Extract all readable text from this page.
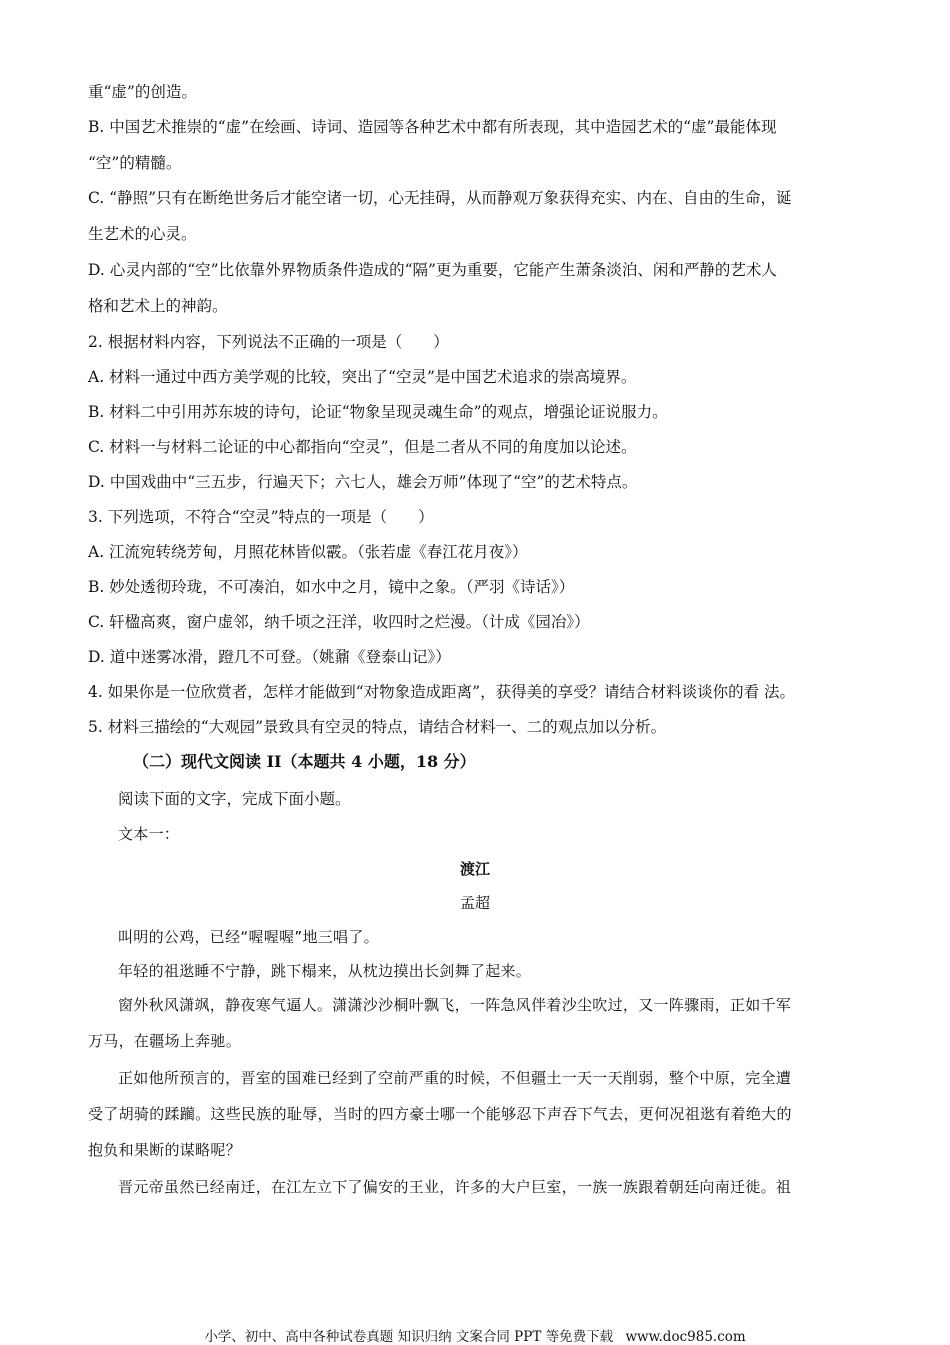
重“虚”的创造。
B. 中国艺术推崇的“虚”在绘画、诗词、造园等各种艺术中都有所表现，其中造园艺术的“虚”最能体现
“空”的精髓。
C. “静照”只有在断绝世务后才能空诸一切，心无挂碍，从而静观万象获得充实、内在、自由的生命，诞
生艺术的心灵。
D. 心灵内部的“空”比依靠外界物质条件造成的“隔”更为重要，它能产生萧条淡泊、闲和严静的艺术人
格和艺术上的神韵。
2. 根据材料内容，下列说法不正确的一项是（　　）
A. 材料一通过中西方美学观的比较，突出了“空灵”是中国艺术追求的崇高境界。
B. 材料二中引用苏东坡的诗句，论证“物象呈现灵魂生命”的观点，增强论证说服力。
C. 材料一与材料二论证的中心都指向“空灵”，但是二者从不同的角度加以论述。
D. 中国戏曲中“三五步，行遍天下；六七人，雄会万师”体现了“空”的艺术特点。
3. 下列选项，不符合“空灵”特点的一项是（　　）
A. 江流宛转绕芳甸，月照花林皆似霰。（张若虚《春江花月夜》）
B. 妙处透彻玲珑，不可凑泊，如水中之月，镜中之象。（严羽《诗话》）
C. 轩楹高爽，窗户虚邻，纳千顷之汪洋，收四时之烂漫。（计成《园冶》）
D. 道中迷雾冰滑，蹬几不可登。（姚鼐《登泰山记》）
4. 如果你是一位欣赏者，怎样才能做到“对物象造成距离”，获得美的享受？请结合材料谈谈你的看 法。
5. 材料三描绘的“大观园”景致具有空灵的特点，请结合材料一、二的观点加以分析。
（二）现代文阅读 II（本题共 4 小题，18 分）
阅读下面的文字，完成下面小题。
文本一：
渡江
孟超
叫明的公鸡，已经“喔喔喔”地三唱了。
年轻的祖逖睡不宁静，跳下榻来，从枕边摸出长剑舞了起来。
窗外秋风潇飒，静夜寒气逼人。潇潇沙沙桐叶飘飞，一阵急风伴着沙尘吹过，又一阵骤雨，正如千军
万马，在疆场上奔驰。
正如他所预言的，晋室的国难已经到了空前严重的时候，不但疆土一天一天削弱，整个中原，完全遭
受了胡骑的蹂躏。这些民族的耻辱，当时的四方豪士哪一个能够忍下声吞下气去，更何况祖逖有着绝大的
抱负和果断的谋略呢？
晋元帝虽然已经南迁，在江左立下了偏安的王业，许多的大户巨室，一族一族跟着朝廷向南迁徙。祖
小学、初中、高中各种试卷真题 知识归纳 文案合同 PPT 等免费下载 www.doc985.com
